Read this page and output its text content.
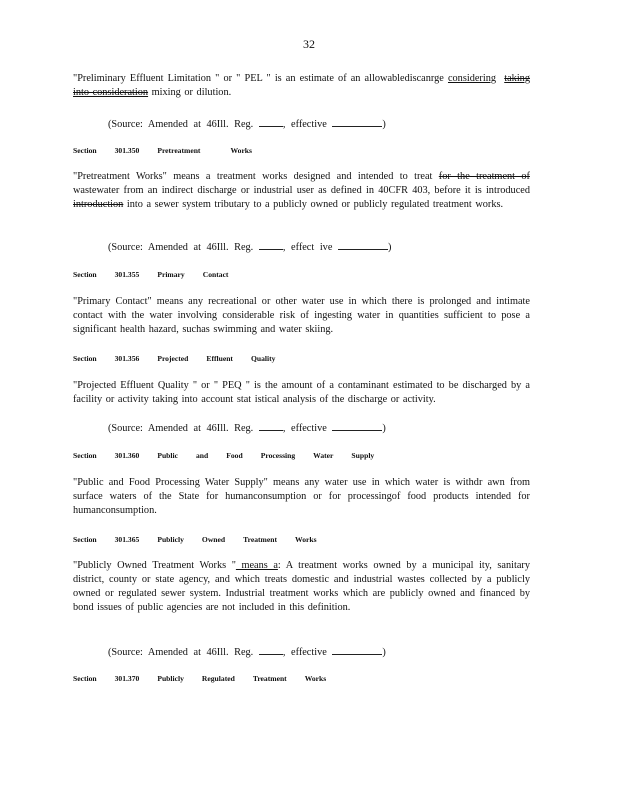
32
"Preliminary Effluent Limitation " or " PEL " is an estimate of an allowablediscanrge considering taking into consideration mixing or dilution.
(Source: Amended at 46Ill. Reg.	, effective	)
Section 301.350 Pretreatment	Works
"Pretreatment Works" means a treatment works designed and intended to treat for the treatment of wastewater from an indirect discharge or industrial user as defined in 40CFR 403, before it is introduced introduction into a sewer system tributary to a publicly owned or publicly regulated treatment works.
(Source: Amended at 46Ill. Reg.	, effect ive	)
Section 301.355 Primary Contact
"Primary Contact" means any recreational or other water use in which there is prolonged and intimate contact with the water involving considerable risk of ingesting water in quantities sufficient to pose a significant health hazard, suchas swimming and water skiing.
Section 301.356 Projected Effluent Quality
"Projected Effluent Quality " or " PEQ " is the amount of a contaminant estimated to be discharged by a facility or activity taking into account stat istical analysis of the discharge or activity.
(Source: Amended at 46Ill. Reg.	, effective	)
Section 301.360 Public and Food Processing Water Supply
"Public and Food Processing Water Supply" means any water use in which water is withdr awn from surface waters of the State for humanconsumption or for processingof food products intended for humanconsumption.
Section 301.365 Publicly Owned Treatment Works
"Publicly Owned Treatment Works " means a: A treatment works owned by a municipal ity, sanitary district, county or state agency, and which treats domestic and industrial wastes collected by a publicly owned or regulated sewer system. Industrial treatment works which are publicly owned and financed by bond issues of public agencies are not included in this definition.
(Source: Amended at 46Ill. Reg.	, effective	)
Section 301.370 Publicly Regulated Treatment Works
